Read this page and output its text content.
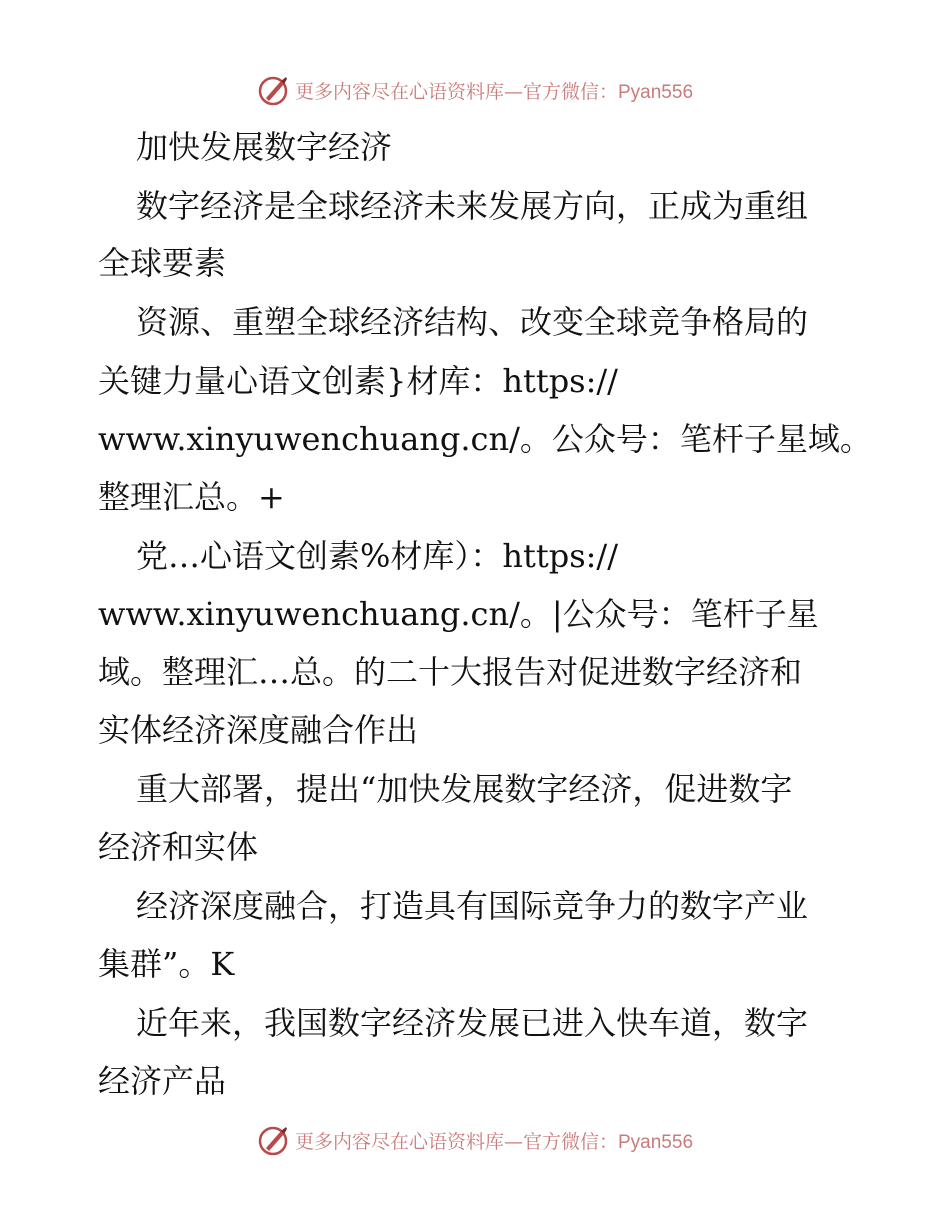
更多内容尽在心语资料库—官方微信：Pyan556
加快发展数字经济
数字经济是全球经济未来发展方向，正成为重组
全球要素
资源、重塑全球经济结构、改变全球竞争格局的
关键力量心语文创素}材库：https://
www.xinyuwenchuang.cn/。公众号：笔杆子星域。
整理汇总。+
党…心语文创素%材库）：https://
www.xinyuwenchuang.cn/。|公众号：笔杆子星
域。整理汇…总。的二十大报告对促进数字经济和
实体经济深度融合作出
重大部署，提出“加快发展数字经济，促进数字
经济和实体
经济深度融合，打造具有国际竞争力的数字产业
集群”。K
近年来，我国数字经济发展已进入快车道，数字
经济产品
更多内容尽在心语资料库—官方微信：Pyan556
